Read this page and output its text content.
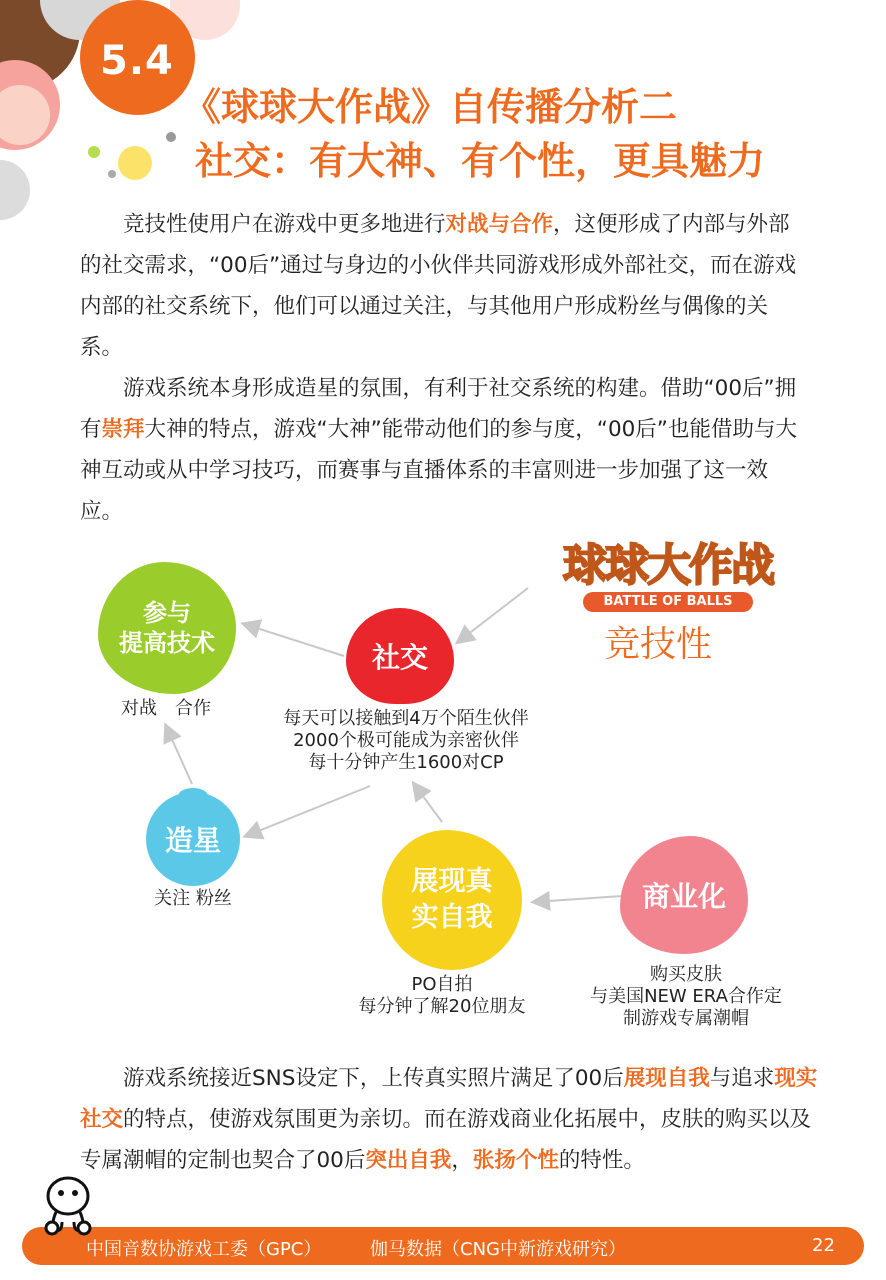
5.4
《球球大作战》自传播分析二
社交：有大神、有个性，更具魅力
竞技性使用户在游戏中更多地进行对战与合作，这便形成了内部与外部的社交需求，“00后”通过与身边的小伙伴共同游戏形成外部社交，而在游戏内部的社交系统下，他们可以通过关注，与其他用户形成粉丝与偶像的关系。
游戏系统本身形成造星的氛围，有利于社交系统的构建。借助“00后”拥有崇拜大神的特点，游戏“大神”能带动他们的参与度，“00后”也能借助与大神互动或从中学习技巧，而赛事与直播体系的丰富则进一步加强了这一效应。
球球大作战
BATTLE OF BALLS
竞技性
参与
提高技术
对战　合作
社交
每天可以接触到4万个陌生伙伴
2000个极可能成为亲密伙伴
每十分钟产生1600对CP
造星
关注 粉丝
展现真
实自我
PO自拍
每分钟了解20位朋友
商业化
购买皮肤
与美国NEW ERA合作定
制游戏专属潮帽
游戏系统接近SNS设定下，上传真实照片满足了00后展现自我与追求现实社交的特点，使游戏氛围更为亲切。而在游戏商业化拓展中，皮肤的购买以及专属潮帽的定制也契合了00后突出自我，张扬个性的特性。
中国音数协游戏工委（GPC）	伽马数据（CNG中新游戏研究）	22
